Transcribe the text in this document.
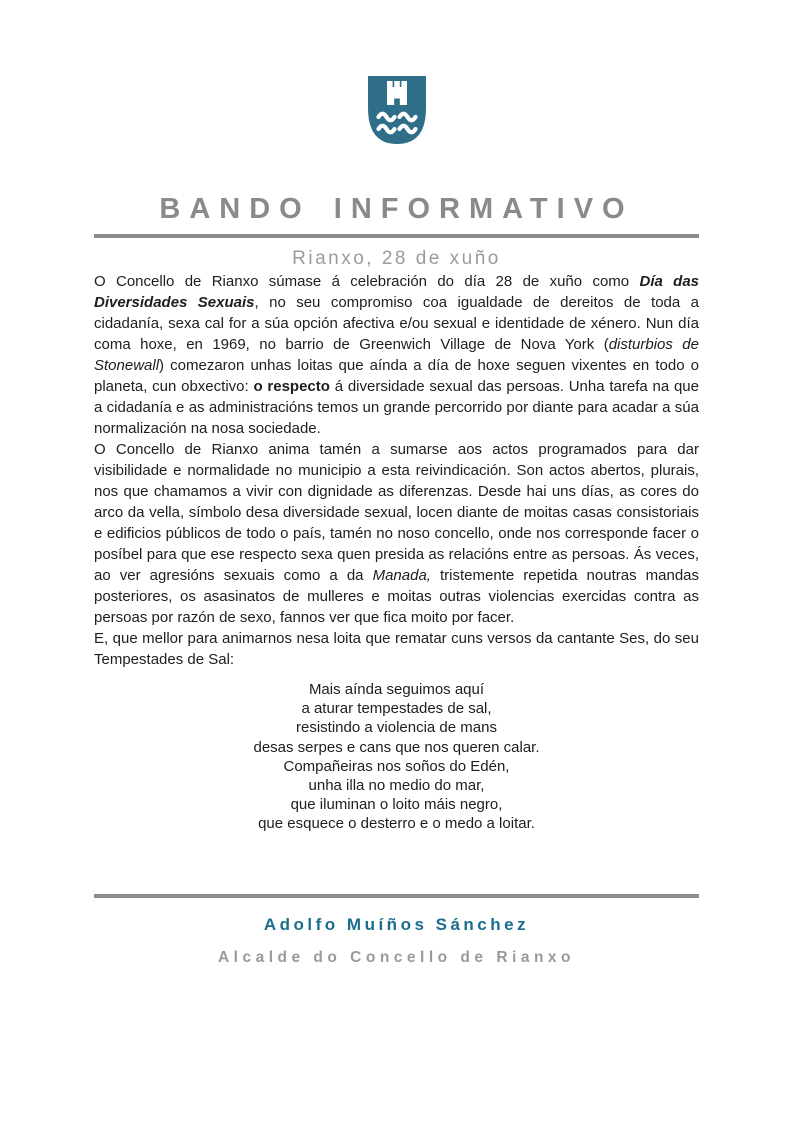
BANDO INFORMATIVO
Rianxo, 28 de xuño

O Concello de Rianxo súmase á celebración do día 28 de xuño como Día das Diversidades Sexuais, no seu compromiso coa igualdade de dereitos de toda a cidadanía, sexa cal for a súa opción afectiva e/ou sexual e identidade de xénero. Nun día coma hoxe, en 1969, no barrio de Greenwich Village de Nova York (disturbios de Stonewall) comezaron unhas loitas que aínda a día de hoxe seguen vixentes en todo o planeta, cun obxectivo: o respecto á diversidade sexual das persoas. Unha tarefa na que a cidadanía e as administracións temos un grande percorrido por diante para acadar a súa normalización na nosa sociedade.

O Concello de Rianxo anima tamén a sumarse aos actos programados para dar visibilidade e normalidade no municipio a esta reivindicación. Son actos abertos, plurais, nos que chamamos a vivir con dignidade as diferenzas. Desde hai uns días, as cores do arco da vella, símbolo desa diversidade sexual, locen diante de moitas casas consistoriais e edificios públicos de todo o país, tamén no noso concello, onde nos corresponde facer o posíbel para que ese respecto sexa quen presida as relacións entre as persoas. Ás veces, ao ver agresións sexuais como a da Manada, tristemente repetida noutras mandas posteriores, os asasinatos de mulleres e moitas outras violencias exercidas contra as persoas por razón de sexo, fannos ver que fica moito por facer.

E, que mellor para animarnos nesa loita que rematar cuns versos da cantante Ses, do seu Tempestades de Sal:

Mais aínda seguimos aquí
a aturar tempestades de sal,
resistindo a violencia de mans
desas serpes e cans que nos queren calar.
Compañeiras nos soños do Edén,
unha illa no medio do mar,
que iluminan o loito máis negro,
que esquece o desterro e o medo a loitar.
Adolfo Muíños Sánchez
Alcalde do Concello de Rianxo
